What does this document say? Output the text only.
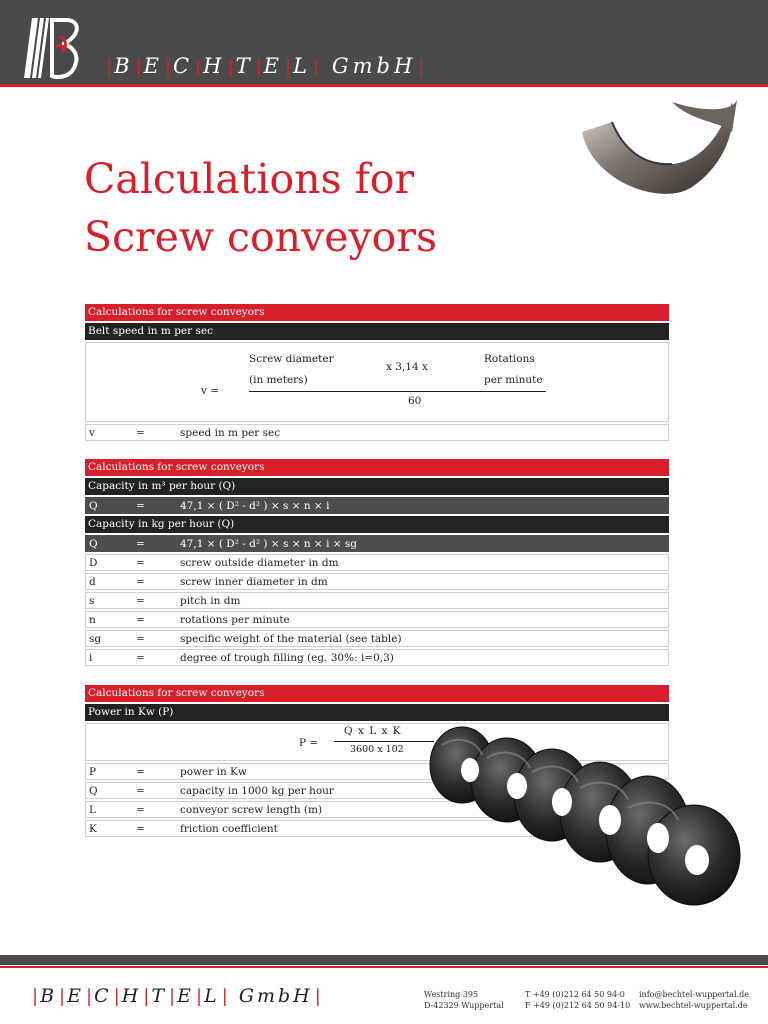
|B |E |C |H |T |E |L | GmbH |
Calculations for
Screw conveyors
Calculations for screw conveyors
Belt speed in m per sec
v =
Screw diameter
(in meters)
x 3,14 x
Rotations
per minute
60
v	=	speed in m per sec
Calculations for screw conveyors
Capacity in m³ per hour (Q)
Q	=	47,1 × ( D² - d² ) × s × n × i
Capacity in kg per hour (Q)
Q	=	47,1 × ( D² - d² ) × s × n × i × sg
D	=	screw outside diameter in dm
d	=	screw inner diameter in dm
s	=	pitch in dm
n	=	rotations per minute
sg	=	specific weight of the material (see table)
i	=	degree of trough filling (eg. 30%: i=0,3)
Calculations for screw conveyors
Power in Kw (P)
P =
Q x L x K
3600 x 102
P	=	power in Kw
Q	=	capacity in 1000 kg per hour
L	=	conveyor screw length (m)
K	=	friction coefficient
| B | E | C | H | T | E | L | GmbH |	Westring 395
D-42329 Wuppertal
T +49 (0)212 64 50 94-0
F +49 (0)212 64 50 94-10
info@bechtel-wuppertal.de
www.bechtel-wuppertal.de
